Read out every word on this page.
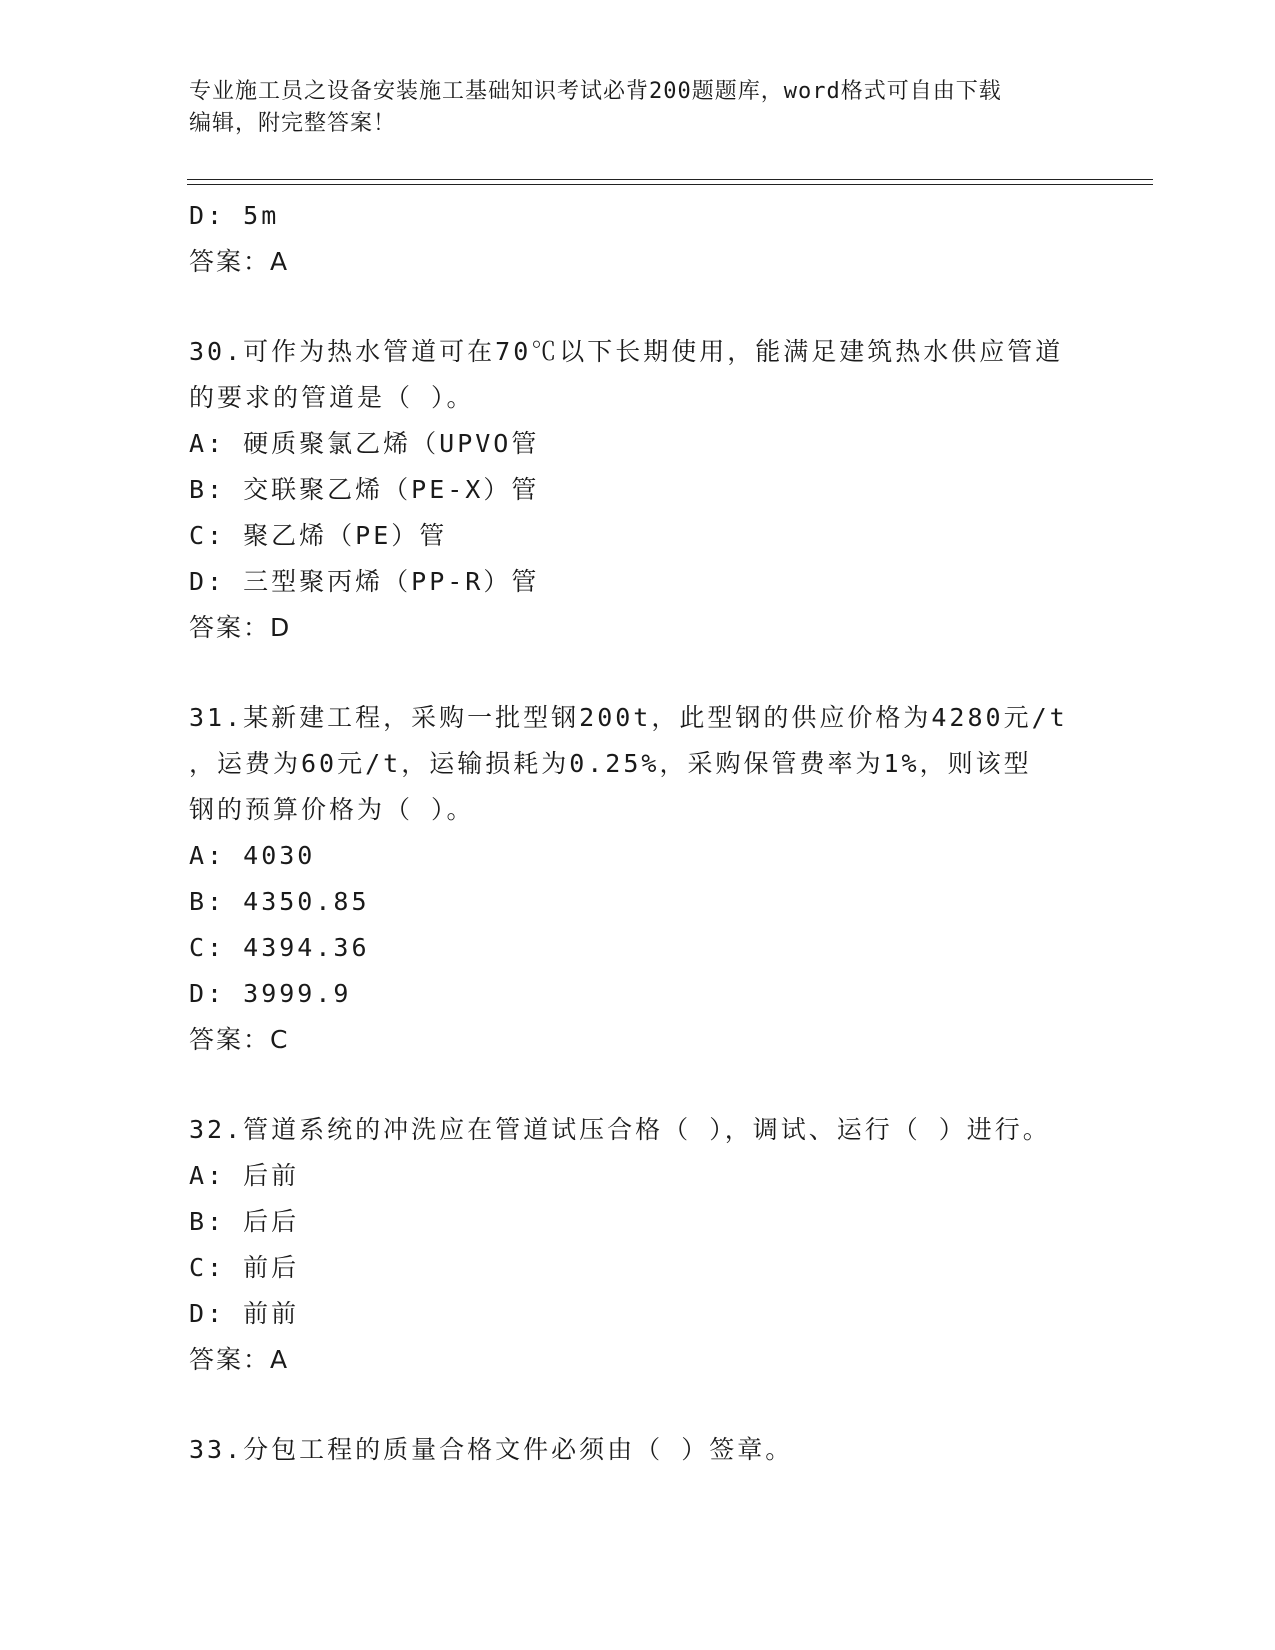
专业施工员之设备安装施工基础知识考试必背200题题库，word格式可自由下载
编辑，附完整答案！
D: 5m
答案：A
30.可作为热水管道可在70℃以下长期使用，能满足建筑热水供应管道
的要求的管道是（ ）。
A: 硬质聚氯乙烯（UPVO管
B: 交联聚乙烯（PE-X）管
C: 聚乙烯（PE）管
D: 三型聚丙烯（PP-R）管
答案：D
31.某新建工程，采购一批型钢200t，此型钢的供应价格为4280元/t
，运费为60元/t，运输损耗为0.25%，采购保管费率为1%，则该型
钢的预算价格为（ ）。
A: 4030
B: 4350.85
C: 4394.36
D: 3999.9
答案：C
32.管道系统的冲洗应在管道试压合格（ ），调试、运行（ ）进行。
A: 后前
B: 后后
C: 前后
D: 前前
答案：A
33.分包工程的质量合格文件必须由（ ）签章。
